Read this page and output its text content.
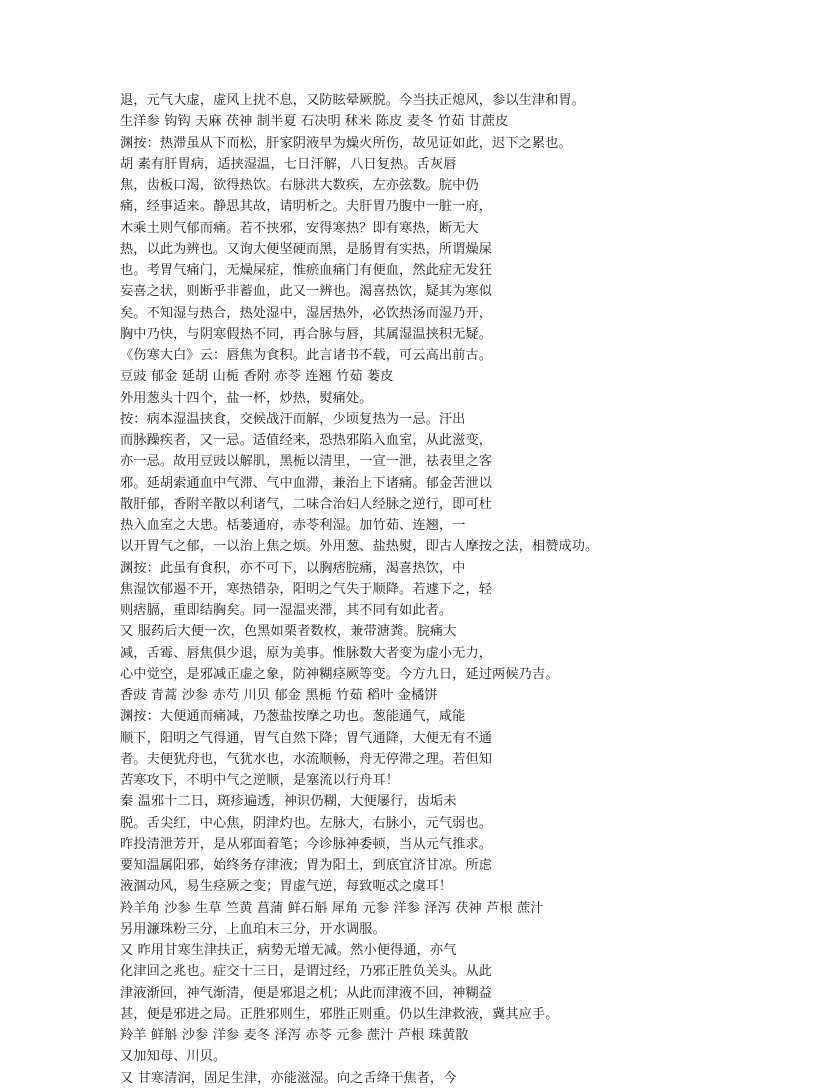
退，元气大虚，虚风上扰不息，又防眩晕厥脱。今当扶正熄风，参以生津和胃。
生洋参 钩钩 天麻 茯神 制半夏 石决明 秫米 陈皮 麦冬 竹茹 甘蔗皮
渊按：热滞虽从下而松，肝家阴液早为燥火所伤，故见证如此，迟下之累也。
胡 素有肝胃病，适挟湿温，七日汗解，八日复热。舌灰唇
焦，齿板口渴，欲得热饮。右脉洪大数疾，左亦弦数。脘中仍
痛，经事适来。静思其故，请明析之。夫肝胃乃腹中一脏一府，
木乘土则气郁而痛。若不挟邪，安得寒热？即有寒热，断无大
热，以此为辨也。又询大便坚硬而黑，是肠胃有实热，所谓燥屎
也。考胃气痛门，无燥屎症，惟瘀血痛门有便血，然此症无发狂
妄喜之状，则断乎非蓄血，此又一辨也。渴喜热饮，疑其为寒似
矣。不知湿与热合，热处湿中，湿居热外，必饮热汤而湿乃开，
胸中乃快，与阴寒假热不同，再合脉与唇，其属湿温挟积无疑。
《伤寒大白》云：唇焦为食积。此言诸书不载，可云高出前古。
豆豉 郁金 延胡 山栀 香附 赤苓 连翘 竹茹 蒌皮
外用葱头十四个，盐一杯，炒热，熨痛处。
按：病本湿温挟食，交候战汗而解，少顷复热为一忌。汗出
而脉躁疾者，又一忌。适值经来，恐热邪陷入血室，从此滋变，
亦一忌。故用豆豉以解肌，黑栀以清里，一宣一泄，祛表里之客
邪。延胡索通血中气滞、气中血滞，兼治上下诸痛。郁金苦泄以
散肝郁，香附辛散以利诸气，二味合治妇人经脉之逆行，即可杜
热入血室之大患。栝蒌通府，赤苓利湿。加竹茹、连翘，一
以开胃气之郁，一以治上焦之烦。外用葱、盐热熨，即古人摩按之法，相赞成功。
渊按：此虽有食积，亦不可下，以胸痞脘痛，渴喜热饮，中
焦湿饮郁遏不开，寒热错杂，阳明之气失于顺降。若遽下之，轻
则痞膈，重即结胸矣。同一湿温夹滞，其不同有如此者。
又 服药后大便一次，色黑如栗者数枚，兼带溏粪。脘痛大
减，舌霉、唇焦俱少退，原为美事。惟脉数大者变为虚小无力，
心中觉空，是邪减正虚之象，防神糊痉厥等变。今方九日，延过两候乃吉。
香豉 青蒿 沙参 赤芍 川贝 郁金 黑栀 竹茹 稻叶 金橘饼
渊按：大便通而痛减，乃葱盐按摩之功也。葱能通气，咸能
顺下，阳明之气得通，胃气自然下降；胃气通降，大便无有不通
者。夫便犹舟也，气犹水也，水流顺畅，舟无停滞之理。若但知
苦寒攻下，不明中气之逆顺，是塞流以行舟耳！
秦 温邪十二日，斑疹遍透，神识仍糊，大便屡行，齿垢未
脱。舌尖红，中心焦，阴津灼也。左脉大，右脉小，元气弱也。
昨投清泄芳开，是从邪面着笔；今诊脉神委顿，当从元气推求。
要知温属阳邪，始终务存津液；胃为阳土，到底宜济甘凉。所虑
液涸动风，易生痉厥之变；胃虚气逆，每致呃忒之虞耳！
羚羊角 沙参 生草 竺黄 菖蒲 鲜石斛 犀角 元参 洋参 泽泻 茯神 芦根 蔗汁
另用濂珠粉三分，上血珀末三分，开水调服。
又 昨用甘寒生津扶正，病势无增无减。然小便得通，亦气
化津回之兆也。症交十三日，是谓过经，乃邪正胜负关头。从此
津液渐回，神气渐清，便是邪退之机；从此而津液不回，神糊益
甚，便是邪进之局。正胜邪则生，邪胜正则重。仍以生津救液，冀其应手。
羚羊 鲜斛 沙参 洋参 麦冬 泽泻 赤苓 元参 蔗汁 芦根 珠黄散
又加知母、川贝。
又 甘寒清润，固足生津，亦能滋湿。向之舌绛干焦者，今
